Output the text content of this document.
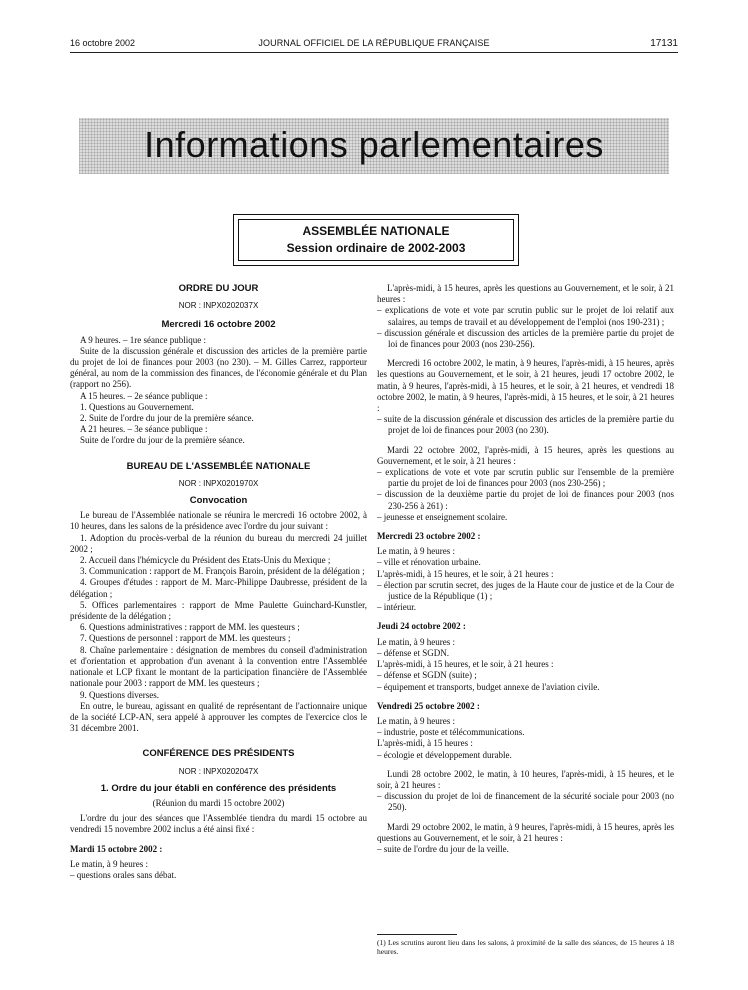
16 octobre 2002	JOURNAL OFFICIEL DE LA RÉPUBLIQUE FRANÇAISE	17131
Informations parlementaires
ASSEMBLÉE NATIONALE
Session ordinaire de 2002-2003

ORDRE DU JOUR

NOR : INPX0202037X

Mercredi 16 octobre 2002

A 9 heures. – 1re séance publique :

Suite de la discussion générale et discussion des articles de la première partie du projet de loi de finances pour 2003 (no 230). – M. Gilles Carrez, rapporteur général, au nom de la commission des finances, de l'économie générale et du Plan (rapport no 256).

A 15 heures. – 2e séance publique :

1. Questions au Gouvernement.

2. Suite de l'ordre du jour de la première séance.

A 21 heures. – 3e séance publique :

Suite de l'ordre du jour de la première séance.

BUREAU DE L'ASSEMBLÉE NATIONALE

NOR : INPX0201970X

Convocation

Le bureau de l'Assemblée nationale se réunira le mercredi 16 octobre 2002, à 10 heures, dans les salons de la présidence avec l'ordre du jour suivant :

1. Adoption du procès-verbal de la réunion du bureau du mercredi 24 juillet 2002 ;

2. Accueil dans l'hémicycle du Président des Etats-Unis du Mexique ;

3. Communication : rapport de M. François Baroin, président de la délégation ;

4. Groupes d'études : rapport de M. Marc-Philippe Daubresse, président de la délégation ;

5. Offices parlementaires : rapport de Mme Paulette Guinchard-Kunstler, présidente de la délégation ;

6. Questions administratives : rapport de MM. les questeurs ;

7. Questions de personnel : rapport de MM. les questeurs ;

8. Chaîne parlementaire : désignation de membres du conseil d'administration et d'orientation et approbation d'un avenant à la convention entre l'Assemblée nationale et LCP fixant le montant de la participation financière de l'Assemblée nationale pour 2003 : rapport de MM. les questeurs ;

9. Questions diverses.

En outre, le bureau, agissant en qualité de représentant de l'actionnaire unique de la société LCP-AN, sera appelé à approuver les comptes de l'exercice clos le 31 décembre 2001.

CONFÉRENCE DES PRÉSIDENTS

NOR : INPX0202047X

1. Ordre du jour établi en conférence des présidents

(Réunion du mardi 15 octobre 2002)

L'ordre du jour des séances que l'Assemblée tiendra du mardi 15 octobre au vendredi 15 novembre 2002 inclus a été ainsi fixé :

Mardi 15 octobre 2002 :

Le matin, à 9 heures :

– questions orales sans débat.

L'après-midi, à 15 heures, après les questions au Gouvernement, et le soir, à 21 heures :

– explications de vote et vote par scrutin public sur le projet de loi relatif aux salaires, au temps de travail et au développement de l'emploi (nos 190-231) ;

– discussion générale et discussion des articles de la première partie du projet de loi de finances pour 2003 (nos 230-256).

Mercredi 16 octobre 2002, le matin, à 9 heures, l'après-midi, à 15 heures, après les questions au Gouvernement, et le soir, à 21 heures, jeudi 17 octobre 2002, le matin, à 9 heures, l'après-midi, à 15 heures, et le soir, à 21 heures, et vendredi 18 octobre 2002, le matin, à 9 heures, l'après-midi, à 15 heures, et le soir, à 21 heures :

– suite de la discussion générale et discussion des articles de la première partie du projet de loi de finances pour 2003 (no 230).

Mardi 22 octobre 2002, l'après-midi, à 15 heures, après les questions au Gouvernement, et le soir, à 21 heures :

– explications de vote et vote par scrutin public sur l'ensemble de la première partie du projet de loi de finances pour 2003 (nos 230-256) ;

– discussion de la deuxième partie du projet de loi de finances pour 2003 (nos 230-256 à 261) :

– jeunesse et enseignement scolaire.

Mercredi 23 octobre 2002 :

Le matin, à 9 heures :

– ville et rénovation urbaine.

L'après-midi, à 15 heures, et le soir, à 21 heures :

– élection par scrutin secret, des juges de la Haute cour de justice et de la Cour de justice de la République (1) ;

– intérieur.

Jeudi 24 octobre 2002 :

Le matin, à 9 heures :

– défense et SGDN.

L'après-midi, à 15 heures, et le soir, à 21 heures :

– défense et SGDN (suite) ;

– équipement et transports, budget annexe de l'aviation civile.

Vendredi 25 octobre 2002 :

Le matin, à 9 heures :

– industrie, poste et télécommunications.

L'après-midi, à 15 heures :

– écologie et développement durable.

Lundi 28 octobre 2002, le matin, à 10 heures, l'après-midi, à 15 heures, et le soir, à 21 heures :

– discussion du projet de loi de financement de la sécurité sociale pour 2003 (no 250).

Mardi 29 octobre 2002, le matin, à 9 heures, l'après-midi, à 15 heures, après les questions au Gouvernement, et le soir, à 21 heures :

– suite de l'ordre du jour de la veille.

(1) Les scrutins auront lieu dans les salons, à proximité de la salle des séances, de 15 heures à 18 heures.
